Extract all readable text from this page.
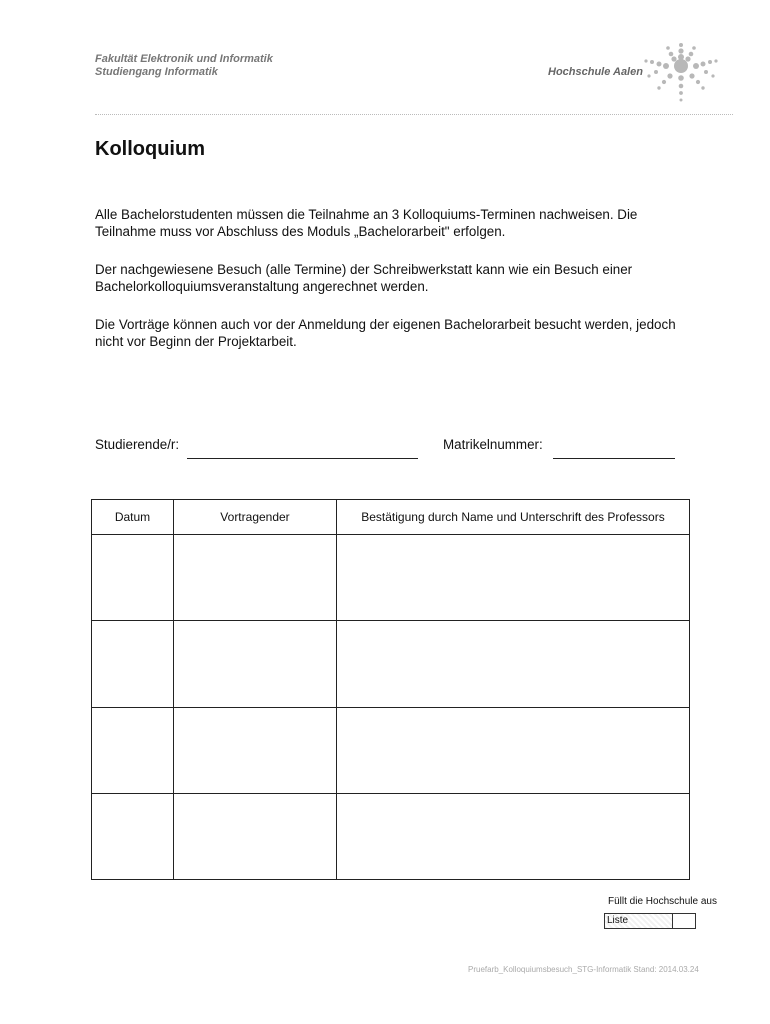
Fakultät Elektronik und Informatik
Studiengang Informatik	Hochschule Aalen
Kolloquium

Alle Bachelorstudenten müssen die Teilnahme an 3 Kolloquiums-Terminen nachweisen. Die Teilnahme muss vor Abschluss des Moduls „Bachelorarbeit" erfolgen.

Der nachgewiesene Besuch (alle Termine) der Schreibwerkstatt kann wie ein Besuch einer Bachelorkolloquiumsveranstaltung angerechnet werden.

Die Vorträge können auch vor der Anmeldung der eigenen Bachelorarbeit besucht werden, jedoch nicht vor Beginn der Projektarbeit.

Studierende/r:	Matrikelnummer:
Datum	Vortragender	Bestätigung durch Name und Unterschrift des Professors

Füllt die Hochschule aus
Liste
Pruefarb_Kolloquiumsbesuch_STG-Informatik Stand: 2014.03.24
